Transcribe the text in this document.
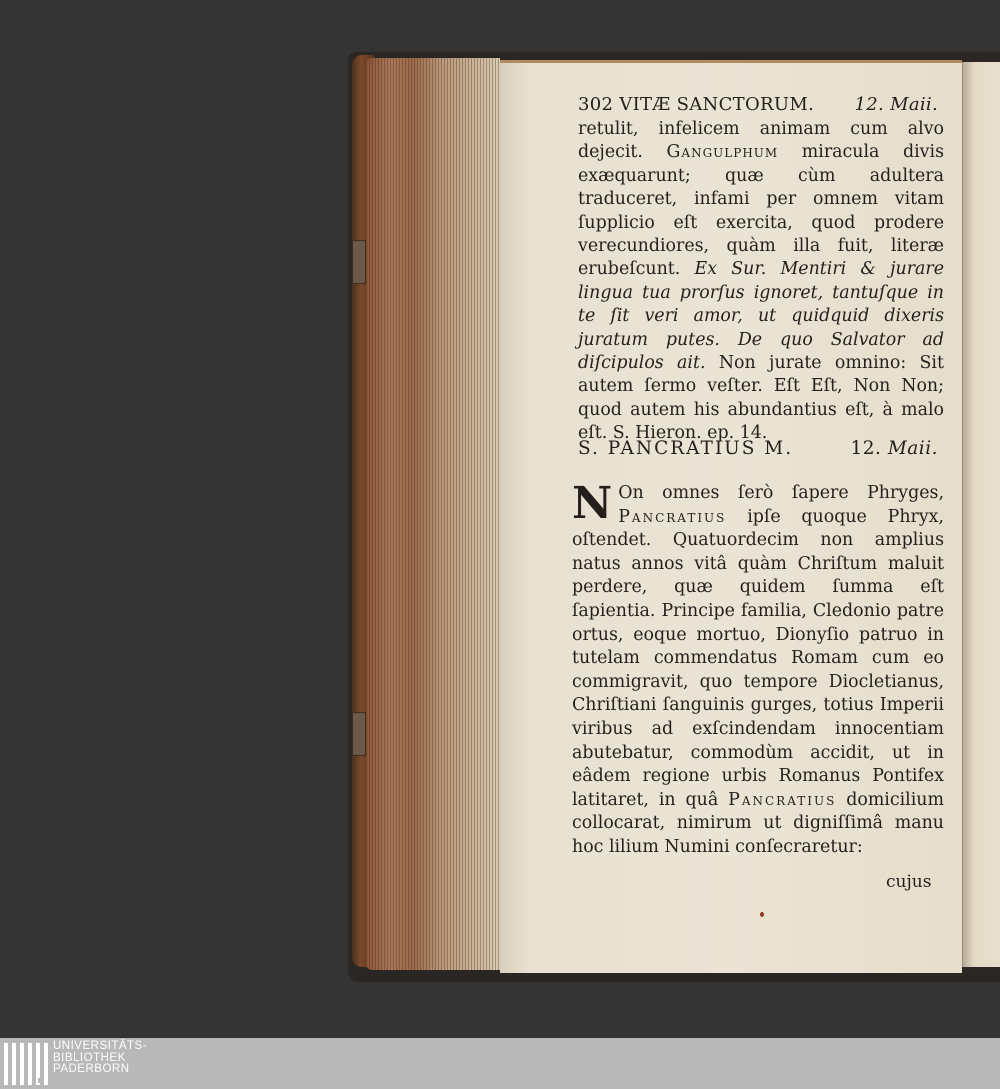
302 VITÆ SANCTORUM. 12. Maii.
retulit, infelicem animam cum alvo dejecit. Gangulphum miracula divis exæquarunt; quæ cùm adultera traduceret, infami per omnem vitam ſupplicio eſt exercita, quod prodere verecundiores, quàm illa fuit, literæ erubeſcunt. Ex Sur. Mentiri & jurare lingua tua prorſus ignoret, tantuſque in te ſit veri amor, ut quidquid dixeris juratum putes. De quo Salvator ad diſcipulos ait. Non jurate omnino: Sit autem ſermo veſter. Eſt Eſt, Non Non; quod autem his abundantius eſt, à malo eſt. S. Hieron. ep. 14.
S. PANCRATIUS M.	12. Maii.
N On omnes ſerò ſapere Phryges, Pancratius ipſe quoque Phryx, oſtendet. Quatuordecim non amplius natus annos vitâ quàm Chriſtum maluit perdere, quæ quidem ſumma eſt ſapientia. Principe familia, Cledonio patre ortus, eoque mortuo, Dionyſio patruo in tutelam commendatus Romam cum eo commigravit, quo tempore Diocletianus, Chriſtiani ſanguinis gurges, totius Imperii viribus ad exſcindendam innocentiam abutebatur, commodùm accidit, ut in eâdem regione urbis Romanus Pontifex latitaret, in quâ Pancratius domicilium collocarat, nimirum ut digniſſimâ manu hoc lilium Numini conſecraretur:
cujus
UNIVERSITÄTS-
BIBLIOTHEK
PADERBORN
